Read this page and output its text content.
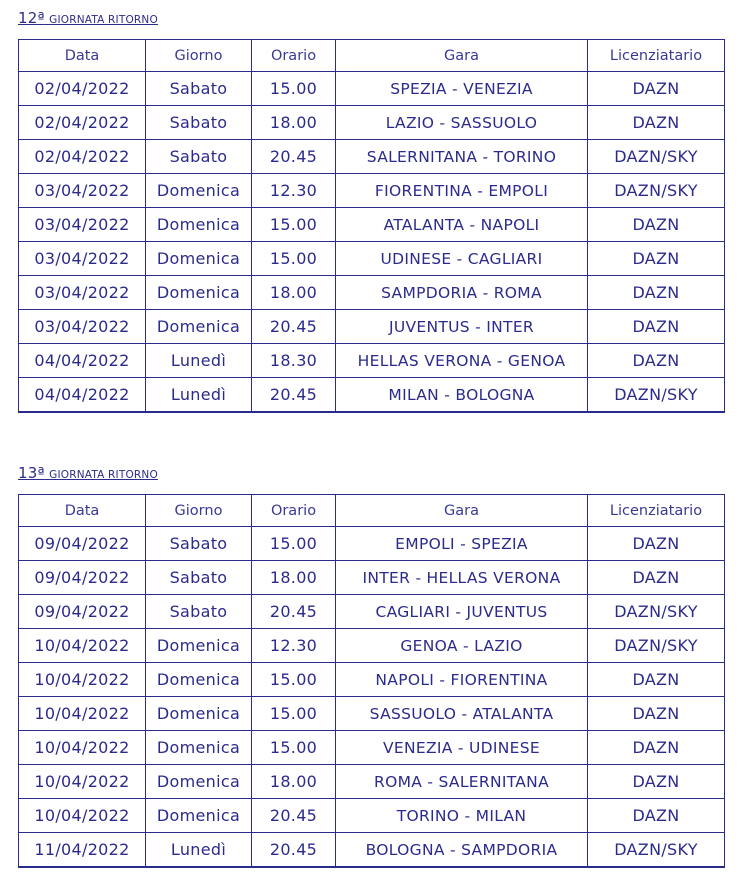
12ª GIORNATA RITORNO
Data	Giorno	Orario	Gara	Licenziatario
02/04/2022	Sabato	15.00	SPEZIA - VENEZIA	DAZN
02/04/2022	Sabato	18.00	LAZIO - SASSUOLO	DAZN
02/04/2022	Sabato	20.45	SALERNITANA - TORINO	DAZN/SKY
03/04/2022	Domenica	12.30	FIORENTINA - EMPOLI	DAZN/SKY
03/04/2022	Domenica	15.00	ATALANTA - NAPOLI	DAZN
03/04/2022	Domenica	15.00	UDINESE - CAGLIARI	DAZN
03/04/2022	Domenica	18.00	SAMPDORIA - ROMA	DAZN
03/04/2022	Domenica	20.45	JUVENTUS - INTER	DAZN
04/04/2022	Lunedì	18.30	HELLAS VERONA - GENOA	DAZN
04/04/2022	Lunedì	20.45	MILAN - BOLOGNA	DAZN/SKY
13ª GIORNATA RITORNO
Data	Giorno	Orario	Gara	Licenziatario
09/04/2022	Sabato	15.00	EMPOLI - SPEZIA	DAZN
09/04/2022	Sabato	18.00	INTER - HELLAS VERONA	DAZN
09/04/2022	Sabato	20.45	CAGLIARI - JUVENTUS	DAZN/SKY
10/04/2022	Domenica	12.30	GENOA - LAZIO	DAZN/SKY
10/04/2022	Domenica	15.00	NAPOLI - FIORENTINA	DAZN
10/04/2022	Domenica	15.00	SASSUOLO - ATALANTA	DAZN
10/04/2022	Domenica	15.00	VENEZIA - UDINESE	DAZN
10/04/2022	Domenica	18.00	ROMA - SALERNITANA	DAZN
10/04/2022	Domenica	20.45	TORINO - MILAN	DAZN
11/04/2022	Lunedì	20.45	BOLOGNA - SAMPDORIA	DAZN/SKY
